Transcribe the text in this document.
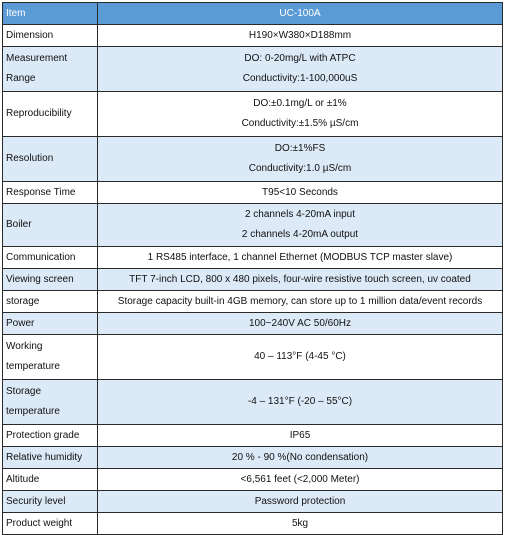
Item	UC-100A
Dimension	H190×W380×D188mm

Measurement
Range	DO: 0-20mg/L with ATPC
Conductivity:1-100,000uS

Reproducibility	DO:±0.1mg/L or ±1%
Conductivity:±1.5% µS/cm

Resolution	DO:±1%FS
Conductivity:1.0 µS/cm

Response Time	T95<10 Seconds
Boiler	2 channels 4-20mA input
2 channels 4-20mA output

Communication	1 RS485 interface, 1 channel Ethernet (MODBUS TCP master slave)
Viewing screen	TFT 7-inch LCD, 800 x 480 pixels, four-wire resistive touch screen, uv coated
storage	Storage capacity built-in 4GB memory, can store up to 1 million data/event records
Power	100~240V AC 50/60Hz

Working
temperature	40 – 113°F (4-45 °C)

Storage
temperature	-4 – 131°F (-20 – 55°C)
Protection grade	IP65
Relative humidity	20 % - 90 %(No condensation)
Altitude	<6,561 feet (<2,000 Meter)
Security level	Password protection
Product weight	5kg
